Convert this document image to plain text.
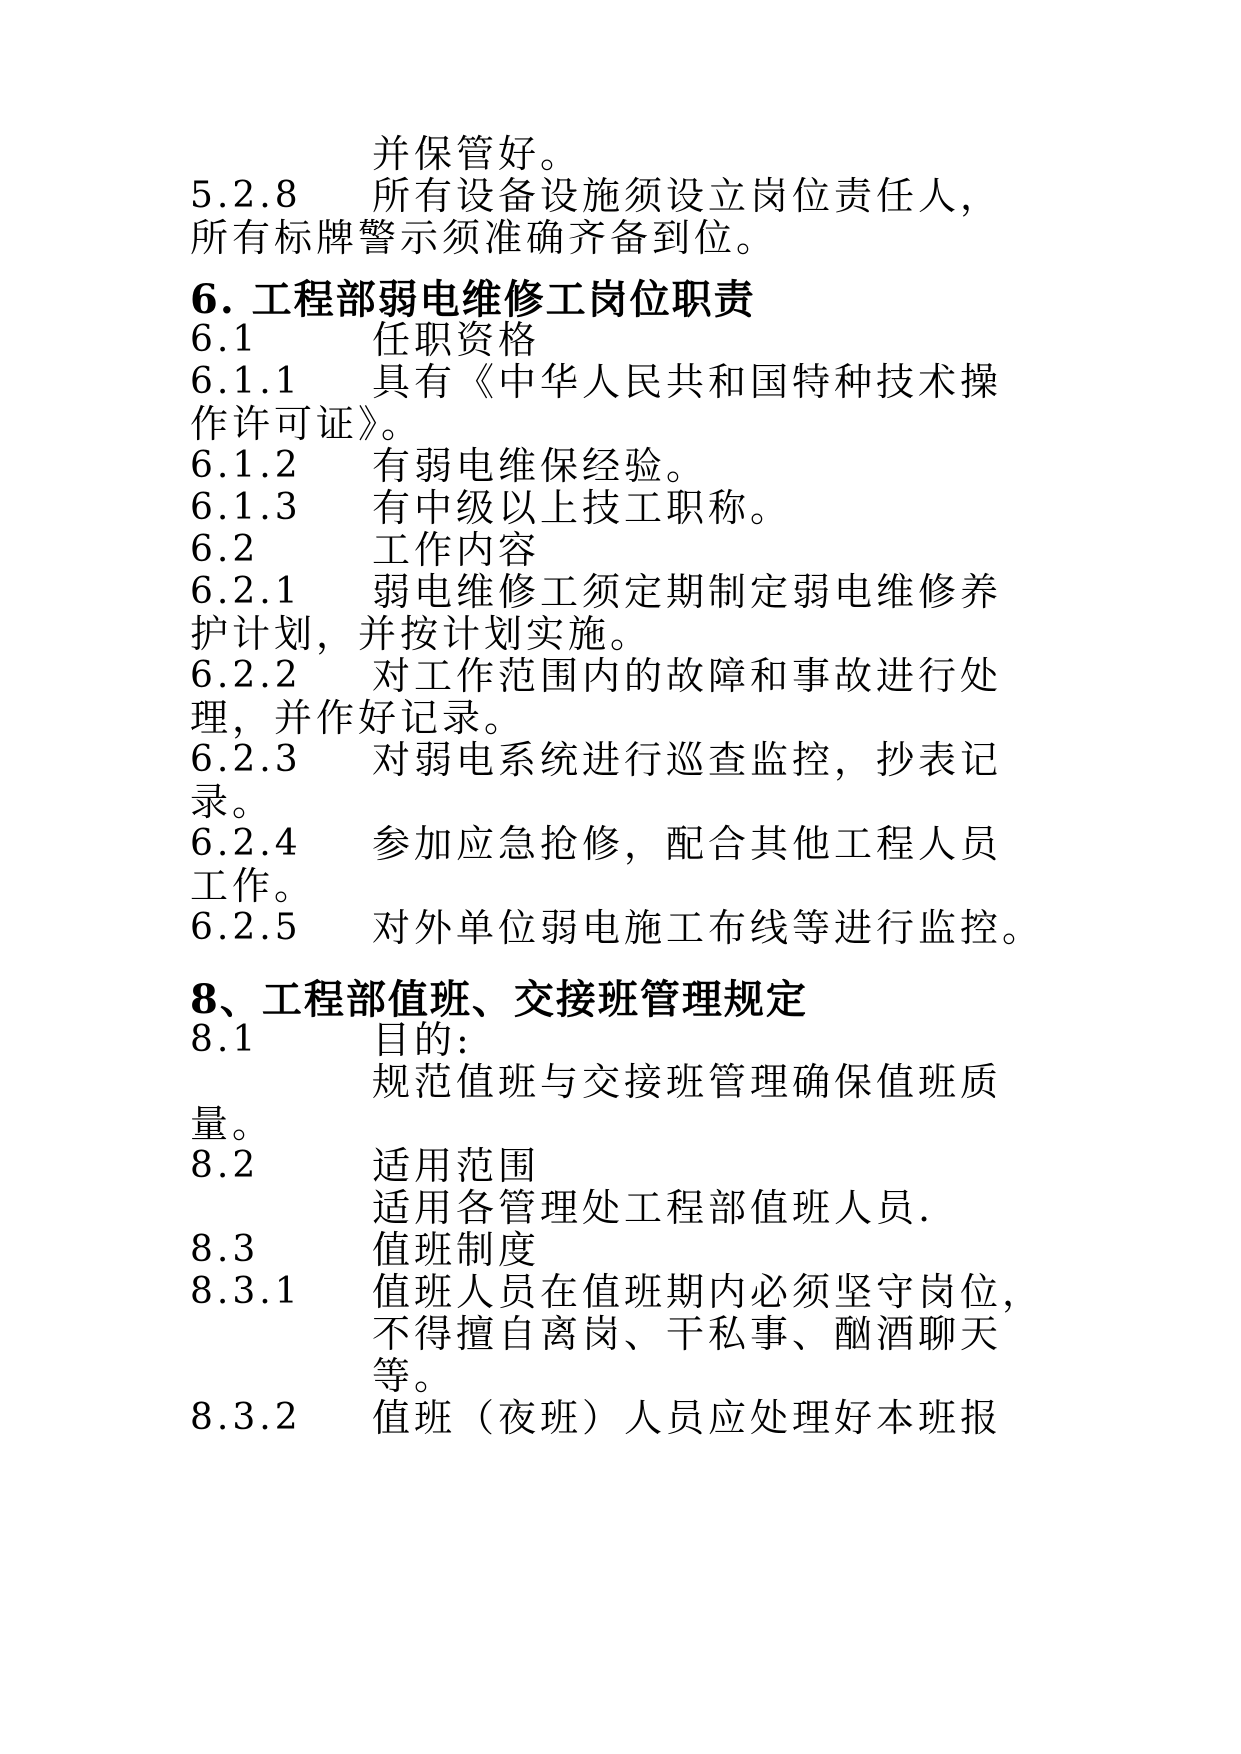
并保管好。
5.2.8 所有设备设施须设立岗位责任人，
所有标牌警示须准确齐备到位。
6. 工程部弱电维修工岗位职责
6.1	任职资格
6.1.1 具有《中华人民共和国特种技术操
作许可证》。
6.1.2 有弱电维保经验。
6.1.3 有中级以上技工职称。
6.2	工作内容
6.2.1 弱电维修工须定期制定弱电维修养
护计划，并按计划实施。
6.2.2 对工作范围内的故障和事故进行处
理，并作好记录。
6.2.3 对弱电系统进行巡查监控，抄表记
录。
6.2.4 参加应急抢修，配合其他工程人员
工作。
6.2.5 对外单位弱电施工布线等进行监控。
8、工程部值班、交接班管理规定
8.1	目的:
规范值班与交接班管理确保值班质
量。
8.2	适用范围
适用各管理处工程部值班人员.
8.3	值班制度
8.3.1 值班人员在值班期内必须坚守岗位，
不得擅自离岗、干私事、酗酒聊天
等。
8.3.2 值班（夜班）人员应处理好本班报
